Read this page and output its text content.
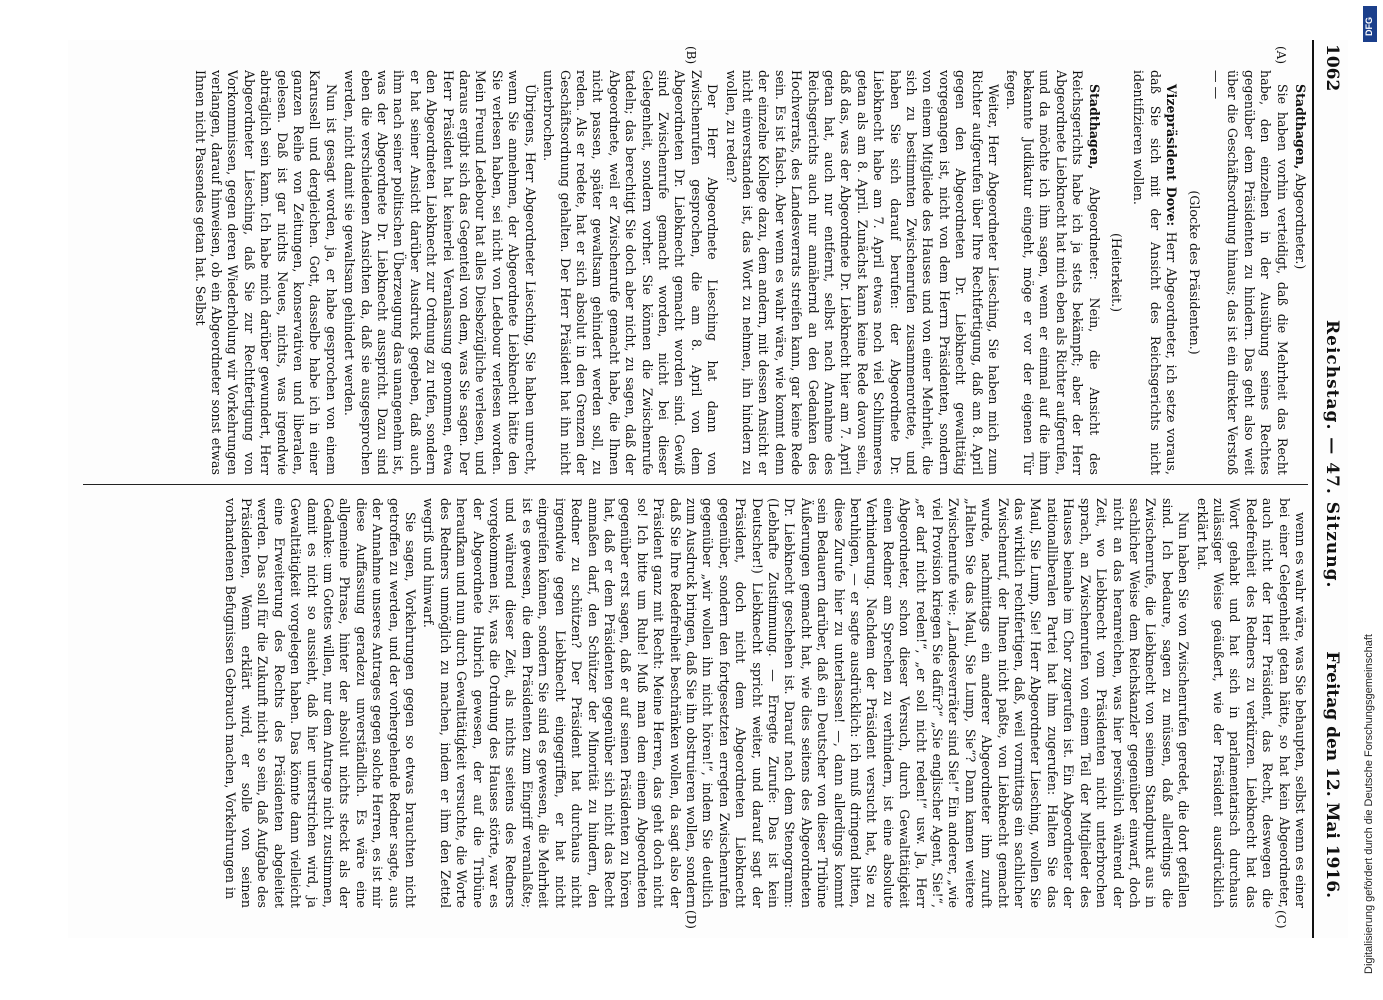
1062
Reichstag. — 47. Sitzung.
Freitag den 12. Mai 1916.
(A)
(B)
(C)
(D)

Stadthagen, Abgeordneter.)

Sie haben vorhin verteidigt, daß die Mehrheit das Recht habe, den einzelnen in der Ausübung seines Rechtes gegenüber dem Präsidenten zu hindern. Das geht also weit über die Geschäftsordnung hinaus; das ist ein direkter Verstoß — —

(Glocke des Präsidenten.)

Vizepräsident Dove: Herr Abgeordneter, ich setze voraus, daß Sie sich mit der Ansicht des Reichsgerichts nicht identifizieren wollen.

(Heiterkeit.)

Stadthagen, Abgeordneter: Nein, die Ansicht des Reichsgerichts habe ich ja stets bekämpft; aber der Herr Abgeordnete Liebknecht hat mich eben als Richter aufgerufen, und da möchte ich ihm sagen, wenn er einmal auf die ihm bekannte Judikatur eingeht, möge er vor der eigenen Tür fegen.

Weiter, Herr Abgeordneter Liesching, Sie haben mich zum Richter aufgerufen über Ihre Rechtfertigung, daß am 8. April gegen den Abgeordneten Dr. Liebknecht gewalttätig vorgegangen ist, nicht von dem Herrn Präsidenten, sondern von einem Mitgliede des Hauses und von einer Mehrheit, die sich zu bestimmten Zwischenrufen zusammenrottete, und haben Sie sich darauf berufen: der Abgeordnete Dr. Liebknecht habe am 7. April etwas noch viel Schlimmeres getan als am 8. April. Zunächst kann keine Rede davon sein, daß das, was der Abgeordnete Dr. Liebknecht hier am 7. April getan hat, auch nur entfernt, selbst nach Annahme des Reichsgerichts auch nur annähernd an den Gedanken des Hochverrats, des Landesverrats streifen kann, gar keine Rede sein. Es ist falsch. Aber wenn es wahr wäre, wie kommt denn der einzelne Kollege dazu, dem andern, mit dessen Ansicht er nicht einverstanden ist, das Wort zu nehmen, ihn hindern zu wollen, zu reden?

Der Herr Abgeordnete Liesching hat dann von Zwischenrufen gesprochen, die am 8. April von dem Abgeordneten Dr. Liebknecht gemacht worden sind. Gewiß sind Zwischenrufe gemacht worden, nicht bei dieser Gelegenheit, sondern vorher. Sie können die Zwischenrufe tadeln; das berechtigt Sie doch aber nicht, zu sagen, daß der Abgeordnete, weil er Zwischenrufe gemacht habe, die Ihnen nicht passen, später gewaltsam gehindert werden soll, zu reden. Als er redete, hat er sich absolut in den Grenzen der Geschäftsordnung gehalten. Der Herr Präsident hat ihn nicht unterbrochen.

Übrigens, Herr Abgeordneter Liesching, Sie haben unrecht, wenn Sie annehmen, der Abgeordnete Liebknecht hätte den Sie verlesen haben, sei nicht von Ledebour verlesen worden. Mein Freund Ledebour hat alles Diesbezügliche verlesen, und daraus ergibt sich das Gegenteil von dem, was Sie sagen. Der Herr Präsident hat keinerlei Veranlassung genommen, etwa den Abgeordneten Liebknecht zur Ordnung zu rufen, sondern er hat seiner Ansicht darüber Ausdruck gegeben, daß auch ihm nach seiner politischen Überzeugung das unangenehm ist, was der Abgeordnete Dr. Liebknecht ausspricht. Dazu sind eben die verschiedenen Ansichten da, daß sie ausgesprochen werden, nicht damit sie gewaltsam gehindert werden.

Nun ist gesagt worden, ja, er habe gesprochen von einem Karussell und dergleichen. Gott, dasselbe habe ich in einer ganzen Reihe von Zeitungen, konservativen und liberalen, gelesen. Daß ist gar nichts Neues, nichts, was irgendwie abträglich sein kann. Ich habe mich darüber gewundert, Herr Abgeordneter Liesching, daß Sie zur Rechtfertigung von Vorkommnissen, gegen deren Wiederholung wir Vorkehrungen verlangen, darauf hinweisen, ob ein Abgeordneter sonst etwas Ihnen nicht Passendes getan hat. Selbst

wenn es wahr wäre, was Sie behaupten, selbst wenn es einer bei einer Gelegenheit getan hätte, so hat kein Abgeordneter, auch nicht der Herr Präsident, das Recht, deswegen die Redefreiheit des Redners zu verkürzen. Liebknecht hat das Wort gehabt und hat sich in parlamentarisch durchaus zulässiger Weise geäußert, wie der Präsident ausdrücklich erklärt hat.

Nun haben Sie von Zwischenrufen geredet, die dort gefallen sind. Ich bedaure, sagen zu müssen, daß allerdings die Zwischenrufe, die Liebknecht von seinem Standpunkt aus in sachlicher Weise dem Reichskanzler gegenüber einwarf, doch nicht an das heranreichen, was hier persönlich während der Zeit, wo Liebknecht vom Präsidenten nicht unterbrochen sprach, an Zwischenrufen von einem Teil der Mitglieder des Hauses beinahe im Chor zugerufen ist. Ein Abgeordneter der nationalliberalen Partei hat ihm zugerufen: Halten Sie das Maul, Sie Lump, Sie! Herr Abgeordneter Liesching, wollen Sie das wirklich rechtfertigen, daß, weil vormittags ein sachlicher Zwischenruf, der Ihnen nicht paßte, von Liebknecht gemacht wurde, nachmittags ein anderer Abgeordneter ihm zuruft „Halten Sie das Maul, Sie Lump, Sie“? Dann kamen weitere Zwischenrufe wie: „Landesverräter sind Sie!“ Ein anderer, „wie viel Provision kriegen Sie dafür?“ „Sie englischer Agent, Sie!“, „er darf nicht reden!“, „er soll nicht reden!“ usw. Ja, Herr Abgeordneter, schon dieser Versuch, durch Gewalttätigkeit einen Redner am Sprechen zu verhindern, ist eine absolute Verhinderung. Nachdem der Präsident versucht hat, Sie zu beruhigen, — er sagte ausdrücklich: ich muß dringend bitten, diese Zurufe hier zu unterlassen! —, dann allerdings kommt sein Bedauern darüber, daß ein Deutscher von dieser Tribüne Äußerungen gemacht hat, wie dies seitens des Abgeordneten Dr. Liebknecht geschehen ist. Darauf nach dem Stenogramm: (Lebhafte Zustimmung. — Erregte Zurufe: Das ist kein Deutscher!) Liebknecht spricht weiter, und darauf sagt der Präsident, doch nicht dem Abgeordneten Liebknecht gegenüber, sondern den fortgesetzten erregten Zwischenrufen gegenüber „wir wollen ihn nicht hören!“, indem Sie deutlich zum Ausdruck bringen, daß Sie ihn obstruieren wollen, sondern daß Sie Ihre Redefreiheit beschränken wollen, da sagt also der Präsident ganz mit Recht: Meine Herren, das geht doch nicht so! Ich bitte um Ruhe! Muß man dem einem Abgeordneten gegenüber erst sagen, daß er auf seinen Präsidenten zu hören hat, daß er dem Präsidenten gegenüber sich nicht das Recht anmaßen darf, den Schützer der Minorität zu hindern, den Redner zu schützen? Der Präsident hat durchaus nicht irgendwie gegen Liebknecht eingegriffen, er hat nicht eingreifen können, sondern Sie sind es gewesen, die Mehrheit ist es gewesen, die dem Präsidenten zum Eingriff veranlaßte; und während dieser Zeit, als nichts seitens des Redners vorgekommen ist, was die Ordnung des Hauses störte, war es der Abgeordnete Hubrich gewesen, der auf die Tribüne heraufkam und nun durch Gewalttätigkeit versuchte, die Worte des Redners unmöglich zu machen, indem er ihm den Zettel wegriß und hinwarf.

Sie sagen, Vorkehrungen gegen so etwas brauchten nicht getroffen zu werden, und der vorhergehende Redner sagte, aus der Annahme unseres Antrages gegen solche Herren, es ist mir diese Auffassung geradezu unverständlich. Es wäre eine allgemeine Phrase, hinter der absolut nichts steckt als der Gedanke: um Gottes willen, nur dem Antrage nicht zustimmen, damit es nicht so aussieht, daß hier unterstrichen wird, ja Gewalttätigkeit vorgelegen haben. Das könnte dann vielleicht eine Erweiterung des Rechts des Präsidenten abgeleitet werden. Das soll für die Zukunft nicht so sein, daß Aufgabe des Präsidenten, Wenn erklärt wird, er solle von seinen vorhandenen Befugnissen Gebrauch machen, Vorkehrungen in

DFG
Digitalisierung gefördert durch die Deutsche Forschungsgemeinschaft
